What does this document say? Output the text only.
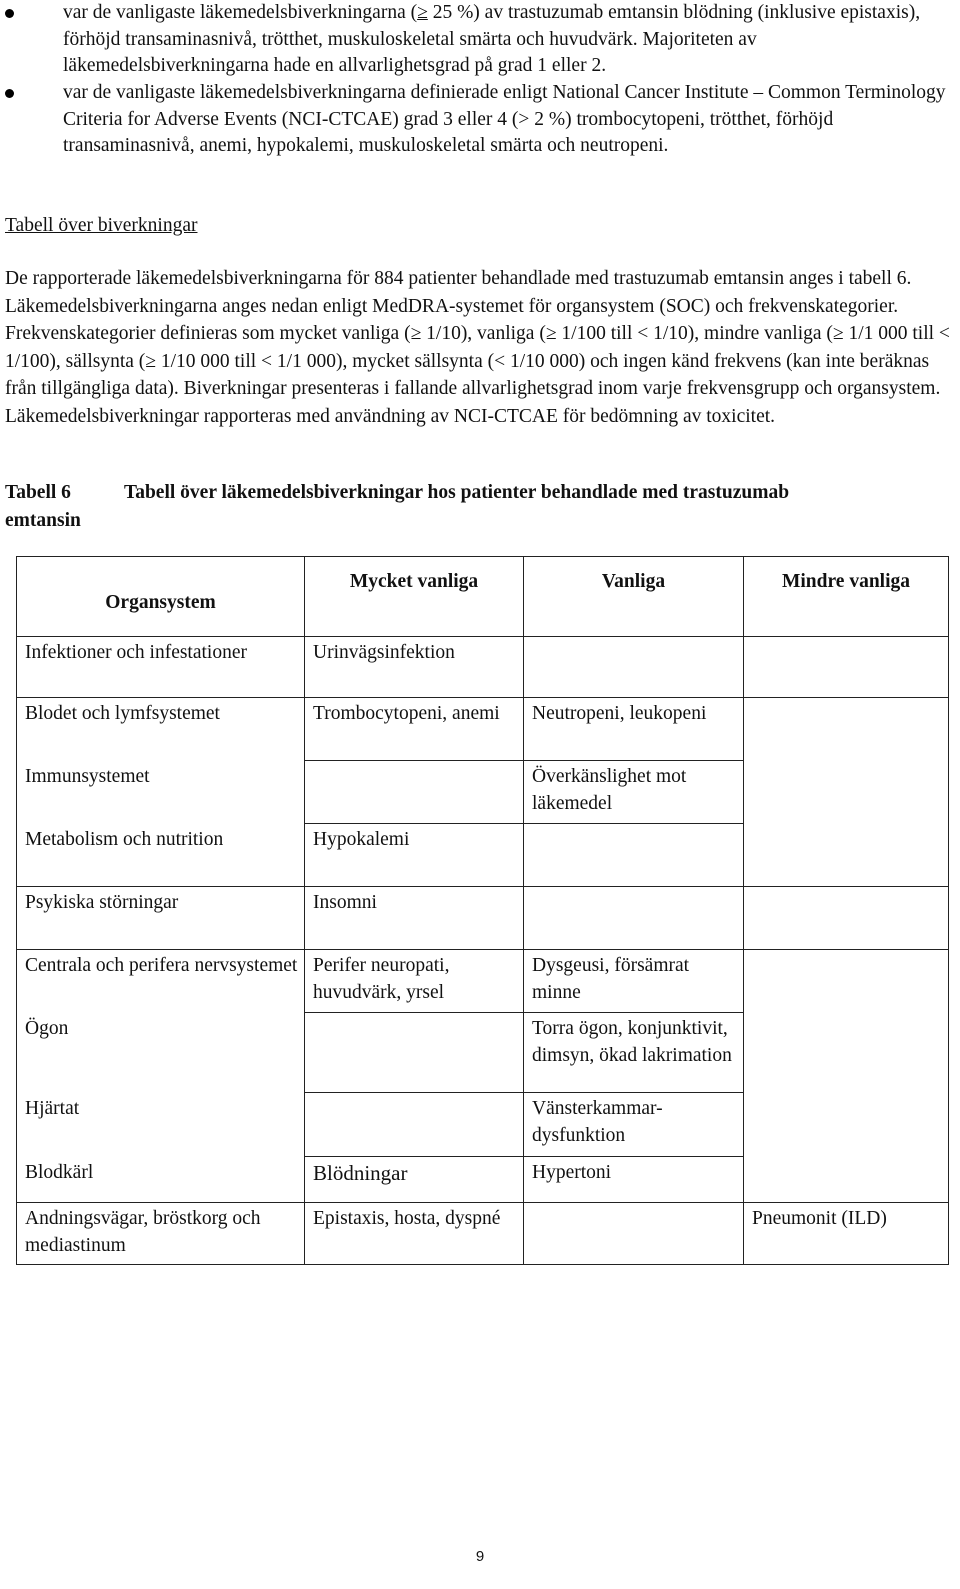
var de vanligaste läkemedelsbiverkningarna (≥ 25 %) av trastuzumab emtansin blödning (inklusive epistaxis), förhöjd transaminasnivå, trötthet, muskuloskeletal smärta och huvudvärk. Majoriteten av läkemedelsbiverkningarna hade en allvarlighetsgrad på grad 1 eller 2.
var de vanligaste läkemedelsbiverkningarna definierade enligt National Cancer Institute – Common Terminology Criteria for Adverse Events (NCI-CTCAE) grad 3 eller 4 (> 2 %) trombocytopeni, trötthet, förhöjd transaminasnivå, anemi, hypokalemi, muskuloskeletal smärta och neutropeni.
Tabell över biverkningar
De rapporterade läkemedelsbiverkningarna för 884 patienter behandlade med trastuzumab emtansin anges i tabell 6. Läkemedelsbiverkningarna anges nedan enligt MedDRA-systemet för organsystem (SOC) och frekvenskategorier. Frekvenskategorier definieras som mycket vanliga (≥ 1/10), vanliga (≥ 1/100 till < 1/10), mindre vanliga (≥ 1/1 000 till < 1/100), sällsynta (≥ 1/10 000 till < 1/1 000), mycket sällsynta (< 1/10 000) och ingen känd frekvens (kan inte beräknas från tillgängliga data). Biverkningar presenteras i fallande allvarlighetsgrad inom varje frekvensgrupp och organsystem. Läkemedelsbiverkningar rapporteras med användning av NCI-CTCAE för bedömning av toxicitet.
Tabell 6 emtansin
Tabell över läkemedelsbiverkningar hos patienter behandlade med trastuzumab
Organsystem	Mycket vanliga	Vanliga	Mindre vanliga

Infektioner och infestationer	Urinvägsinfektion		

Blodet och lymfsystemet	Trombocytopeni, anemi	Neutropeni, leukopeni	

Immunsystemet		Överkänslighet mot läkemedel	

Metabolism och nutrition	Hypokalemi		

Psykiska störningar	Insomni		

Centrala och perifera nervsystemet	Perifer neuropati, huvudvärk, yrsel	Dysgeusi, försämrat minne	

Ögon		Torra ögon, konjunktivit, dimsyn, ökad lakrimation	

Hjärtat		Vänsterkammar-dysfunktion	

Blodkärl	Blödningar	Hypertoni	

Andningsvägar, bröstkorg och mediastinum	Epistaxis, hosta, dyspné		Pneumonit (ILD)
9
